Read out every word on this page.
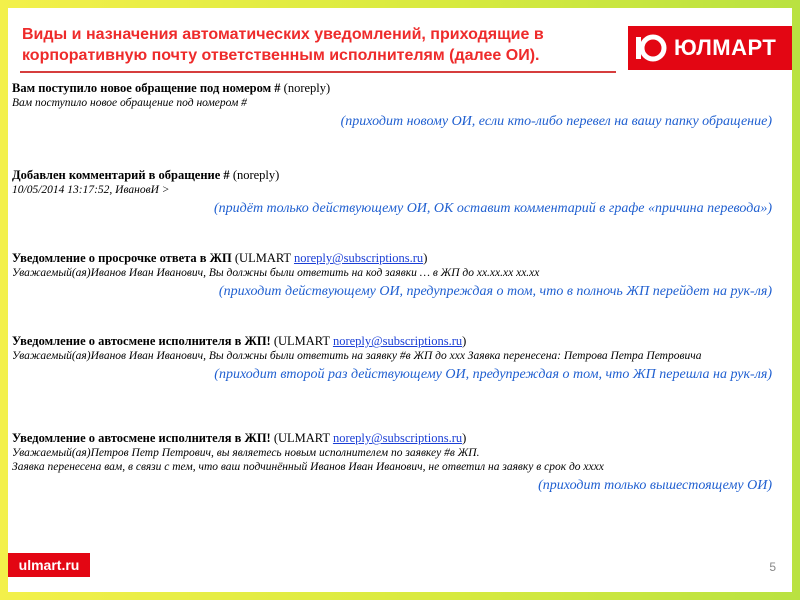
Виды и назначения автоматических уведомлений, приходящие в корпоративную почту ответственным исполнителям (далее ОИ).	ЮЛМАРТ
Вам поступило новое обращение под номером # (noreply)
Вам поступило новое обращение под номером #
(приходит новому ОИ, если кто-либо перевел на вашу папку обращение)
Добавлен комментарий в обращение # (noreply)
10/05/2014 13:17:52, ИвановИ >
(придёт только действующему ОИ, ОК оставит комментарий в графе «причина перевода»)
Уведомление о просрочке ответа в ЖП (ULMART noreply@subscriptions.ru)
Уважаемый(ая)Иванов Иван Иванович, Вы должны были ответить на код заявки … в ЖП до xx.xx.xx xx.xx
(приходит действующему ОИ, предупреждая о том, что в полночь ЖП перейдет на рук-ля)
Уведомление о автосмене исполнителя в ЖП! (ULMART noreply@subscriptions.ru)
Уважаемый(ая)Иванов Иван Иванович, Вы должны были ответить на заявку #в ЖП до xxx Заявка перенесена: Петрова Петра Петровича
(приходит второй раз действующему ОИ, предупреждая о том, что ЖП перешла на рук-ля)
Уведомление о автосмене исполнителя в ЖП! (ULMART noreply@subscriptions.ru)
Уважаемый(ая)Петров Петр Петрович, вы являетесь новым исполнителем по заявкеу #в ЖП.
Заявка перенесена вам, в связи с тем, что ваш подчинённый Иванов Иван Иванович, не ответил на заявку в срок до хххх
(приходит только вышестоящему ОИ)
ulmart.ru	5
